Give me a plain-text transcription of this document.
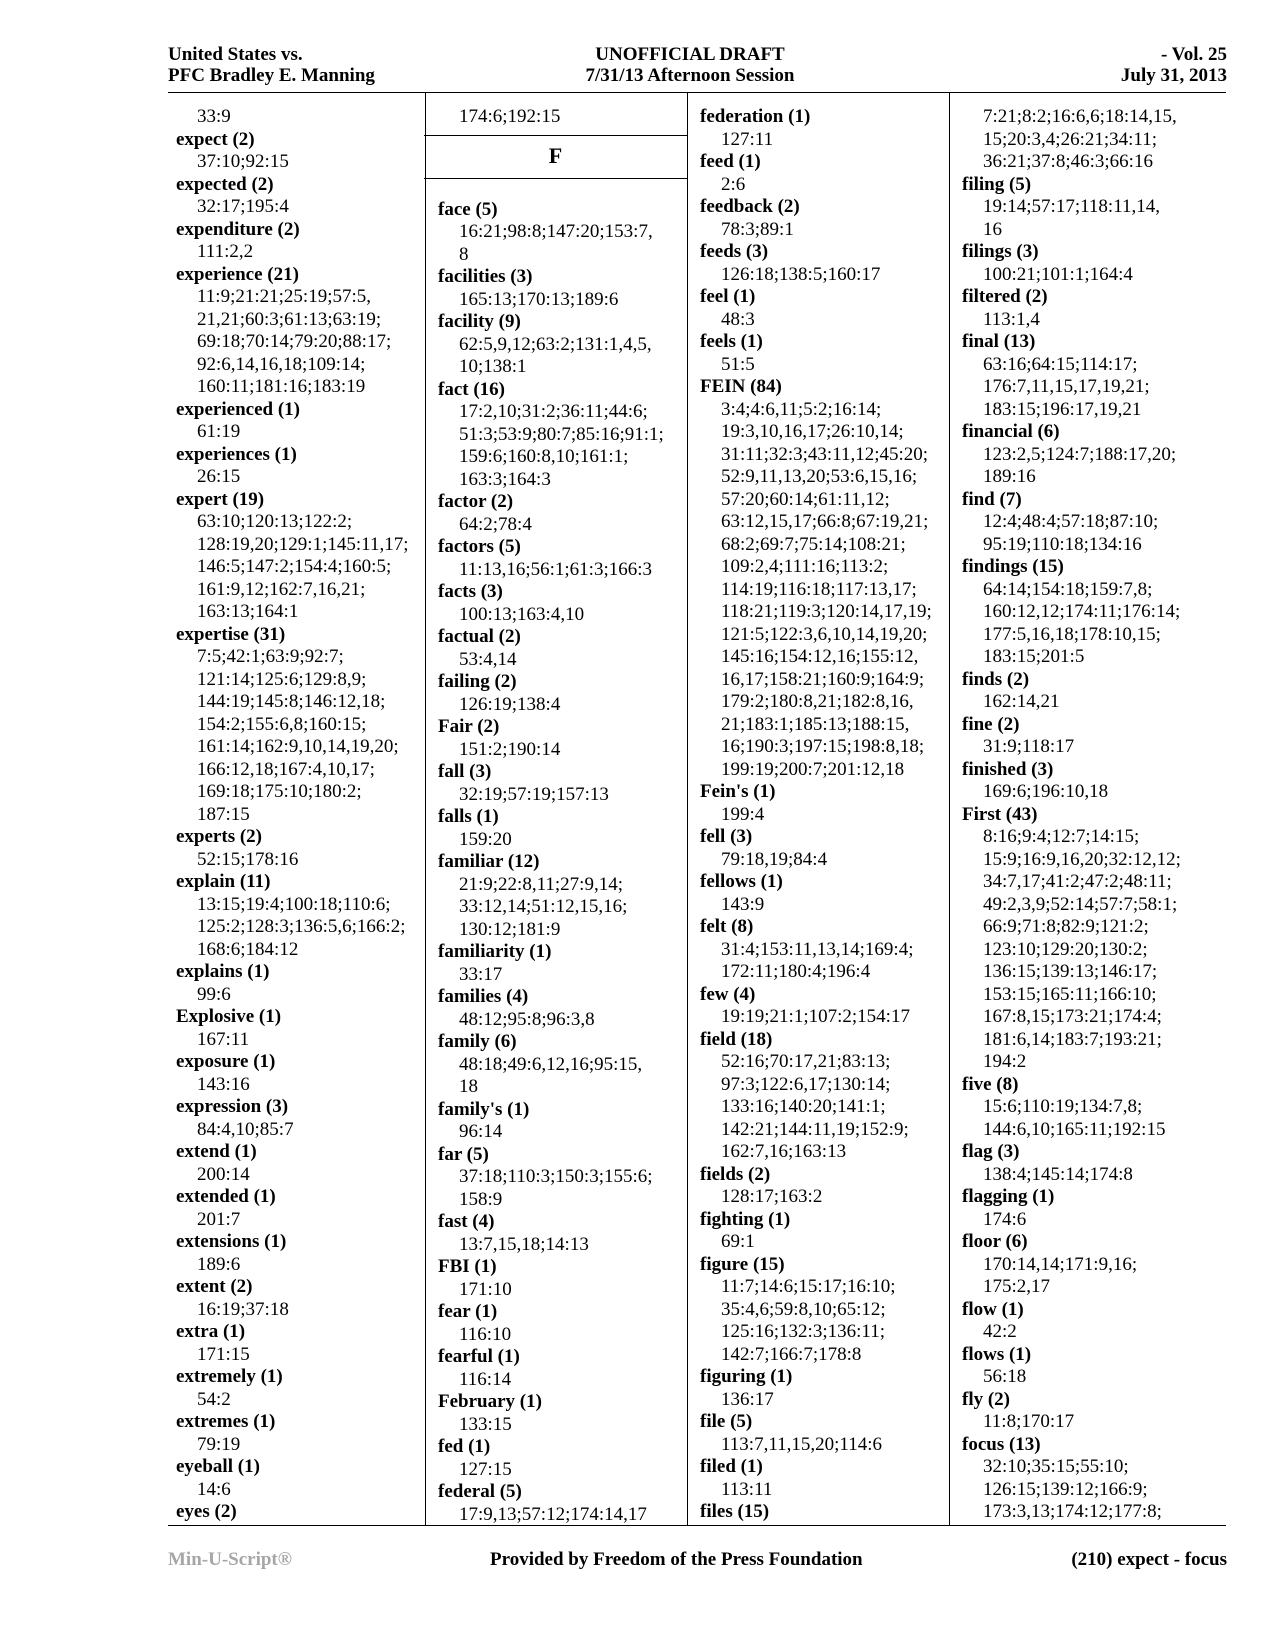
United States vs.
PFC Bradley E. Manning
UNOFFICIAL DRAFT
7/31/13 Afternoon Session
- Vol. 25
July 31, 2013
33:9
expect (2)
37:10;92:15
expected (2)
32:17;195:4
expenditure (2)
111:2,2
experience (21)
11:9;21:21;25:19;57:5,
21,21;60:3;61:13;63:19;
69:18;70:14;79:20;88:17;
92:6,14,16,18;109:14;
160:11;181:16;183:19
experienced (1)
61:19
experiences (1)
26:15
expert (19)
63:10;120:13;122:2;
128:19,20;129:1;145:11,17;
146:5;147:2;154:4;160:5;
161:9,12;162:7,16,21;
163:13;164:1
expertise (31)
7:5;42:1;63:9;92:7;
121:14;125:6;129:8,9;
144:19;145:8;146:12,18;
154:2;155:6,8;160:15;
161:14;162:9,10,14,19,20;
166:12,18;167:4,10,17;
169:18;175:10;180:2;
187:15
experts (2)
52:15;178:16
explain (11)
13:15;19:4;100:18;110:6;
125:2;128:3;136:5,6;166:2;
168:6;184:12
explains (1)
99:6
Explosive (1)
167:11
exposure (1)
143:16
expression (3)
84:4,10;85:7
extend (1)
200:14
extended (1)
201:7
extensions (1)
189:6
extent (2)
16:19;37:18
extra (1)
171:15
extremely (1)
54:2
extremes (1)
79:19
eyeball (1)
14:6
eyes (2)
174:6;192:15
F
face (5)
16:21;98:8;147:20;153:7,
8
facilities (3)
165:13;170:13;189:6
facility (9)
62:5,9,12;63:2;131:1,4,5,
10;138:1
fact (16)
17:2,10;31:2;36:11;44:6;
51:3;53:9;80:7;85:16;91:1;
159:6;160:8,10;161:1;
163:3;164:3
factor (2)
64:2;78:4
factors (5)
11:13,16;56:1;61:3;166:3
facts (3)
100:13;163:4,10
factual (2)
53:4,14
failing (2)
126:19;138:4
Fair (2)
151:2;190:14
fall (3)
32:19;57:19;157:13
falls (1)
159:20
familiar (12)
21:9;22:8,11;27:9,14;
33:12,14;51:12,15,16;
130:12;181:9
familiarity (1)
33:17
families (4)
48:12;95:8;96:3,8
family (6)
48:18;49:6,12,16;95:15,
18
family's (1)
96:14
far (5)
37:18;110:3;150:3;155:6;
158:9
fast (4)
13:7,15,18;14:13
FBI (1)
171:10
fear (1)
116:10
fearful (1)
116:14
February (1)
133:15
fed (1)
127:15
federal (5)
17:9,13;57:12;174:14,17
federation (1)
127:11
feed (1)
2:6
feedback (2)
78:3;89:1
feeds (3)
126:18;138:5;160:17
feel (1)
48:3
feels (1)
51:5
FEIN (84)
3:4;4:6,11;5:2;16:14;
19:3,10,16,17;26:10,14;
31:11;32:3;43:11,12;45:20;
52:9,11,13,20;53:6,15,16;
57:20;60:14;61:11,12;
63:12,15,17;66:8;67:19,21;
68:2;69:7;75:14;108:21;
109:2,4;111:16;113:2;
114:19;116:18;117:13,17;
118:21;119:3;120:14,17,19;
121:5;122:3,6,10,14,19,20;
145:16;154:12,16;155:12,
16,17;158:21;160:9;164:9;
179:2;180:8,21;182:8,16,
21;183:1;185:13;188:15,
16;190:3;197:15;198:8,18;
199:19;200:7;201:12,18
Fein's (1)
199:4
fell (3)
79:18,19;84:4
fellows (1)
143:9
felt (8)
31:4;153:11,13,14;169:4;
172:11;180:4;196:4
few (4)
19:19;21:1;107:2;154:17
field (18)
52:16;70:17,21;83:13;
97:3;122:6,17;130:14;
133:16;140:20;141:1;
142:21;144:11,19;152:9;
162:7,16;163:13
fields (2)
128:17;163:2
fighting (1)
69:1
figure (15)
11:7;14:6;15:17;16:10;
35:4,6;59:8,10;65:12;
125:16;132:3;136:11;
142:7;166:7;178:8
figuring (1)
136:17
file (5)
113:7,11,15,20;114:6
filed (1)
113:11
files (15)
7:21;8:2;16:6,6;18:14,15,
15;20:3,4;26:21;34:11;
36:21;37:8;46:3;66:16
filing (5)
19:14;57:17;118:11,14,
16
filings (3)
100:21;101:1;164:4
filtered (2)
113:1,4
final (13)
63:16;64:15;114:17;
176:7,11,15,17,19,21;
183:15;196:17,19,21
financial (6)
123:2,5;124:7;188:17,20;
189:16
find (7)
12:4;48:4;57:18;87:10;
95:19;110:18;134:16
findings (15)
64:14;154:18;159:7,8;
160:12,12;174:11;176:14;
177:5,16,18;178:10,15;
183:15;201:5
finds (2)
162:14,21
fine (2)
31:9;118:17
finished (3)
169:6;196:10,18
First (43)
8:16;9:4;12:7;14:15;
15:9;16:9,16,20;32:12,12;
34:7,17;41:2;47:2;48:11;
49:2,3,9;52:14;57:7;58:1;
66:9;71:8;82:9;121:2;
123:10;129:20;130:2;
136:15;139:13;146:17;
153:15;165:11;166:10;
167:8,15;173:21;174:4;
181:6,14;183:7;193:21;
194:2
five (8)
15:6;110:19;134:7,8;
144:6,10;165:11;192:15
flag (3)
138:4;145:14;174:8
flagging (1)
174:6
floor (6)
170:14,14;171:9,16;
175:2,17
flow (1)
42:2
flows (1)
56:18
fly (2)
11:8;170:17
focus (13)
32:10;35:15;55:10;
126:15;139:12;166:9;
173:3,13;174:12;177:8;
Min-U-Script®	Provided by Freedom of the Press Foundation	(210) expect - focus
